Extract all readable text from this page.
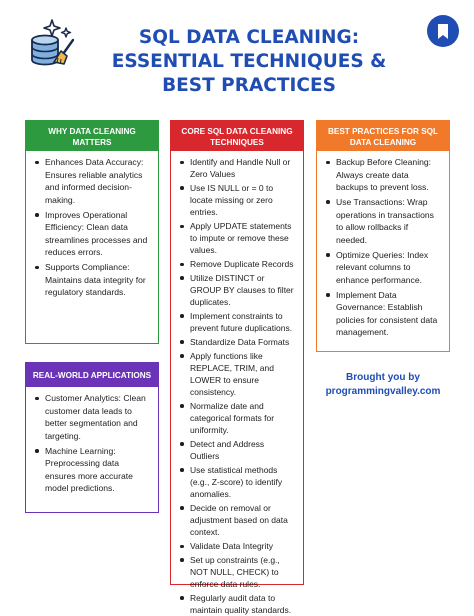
SQL DATA CLEANING: ESSENTIAL TECHNIQUES & BEST PRACTICES
WHY DATA CLEANING MATTERS
Enhances Data Accuracy: Ensures reliable analytics and informed decision-making.
Improves Operational Efficiency: Clean data streamlines processes and reduces errors.
Supports Compliance: Maintains data integrity for regulatory standards.
CORE SQL DATA CLEANING TECHNIQUES
Identify and Handle Null or Zero Values
Use IS NULL or = 0 to locate missing or zero entries.
Apply UPDATE statements to impute or remove these values.
Remove Duplicate Records
Utilize DISTINCT or GROUP BY clauses to filter duplicates.
Implement constraints to prevent future duplications.
Standardize Data Formats
Apply functions like REPLACE, TRIM, and LOWER to ensure consistency.
Normalize date and categorical formats for uniformity.
Detect and Address Outliers
Use statistical methods (e.g., Z-score) to identify anomalies.
Decide on removal or adjustment based on data context.
Validate Data Integrity
Set up constraints (e.g., NOT NULL, CHECK) to enforce data rules.
Regularly audit data to maintain quality standards.
BEST PRACTICES FOR SQL DATA CLEANING
Backup Before Cleaning: Always create data backups to prevent loss.
Use Transactions: Wrap operations in transactions to allow rollbacks if needed.
Optimize Queries: Index relevant columns to enhance performance.
Implement Data Governance: Establish policies for consistent data management.
REAL-WORLD APPLICATIONS
Customer Analytics: Clean customer data leads to better segmentation and targeting.
Machine Learning: Preprocessing data ensures more accurate model predictions.
Brought you by
programmingvalley.com
